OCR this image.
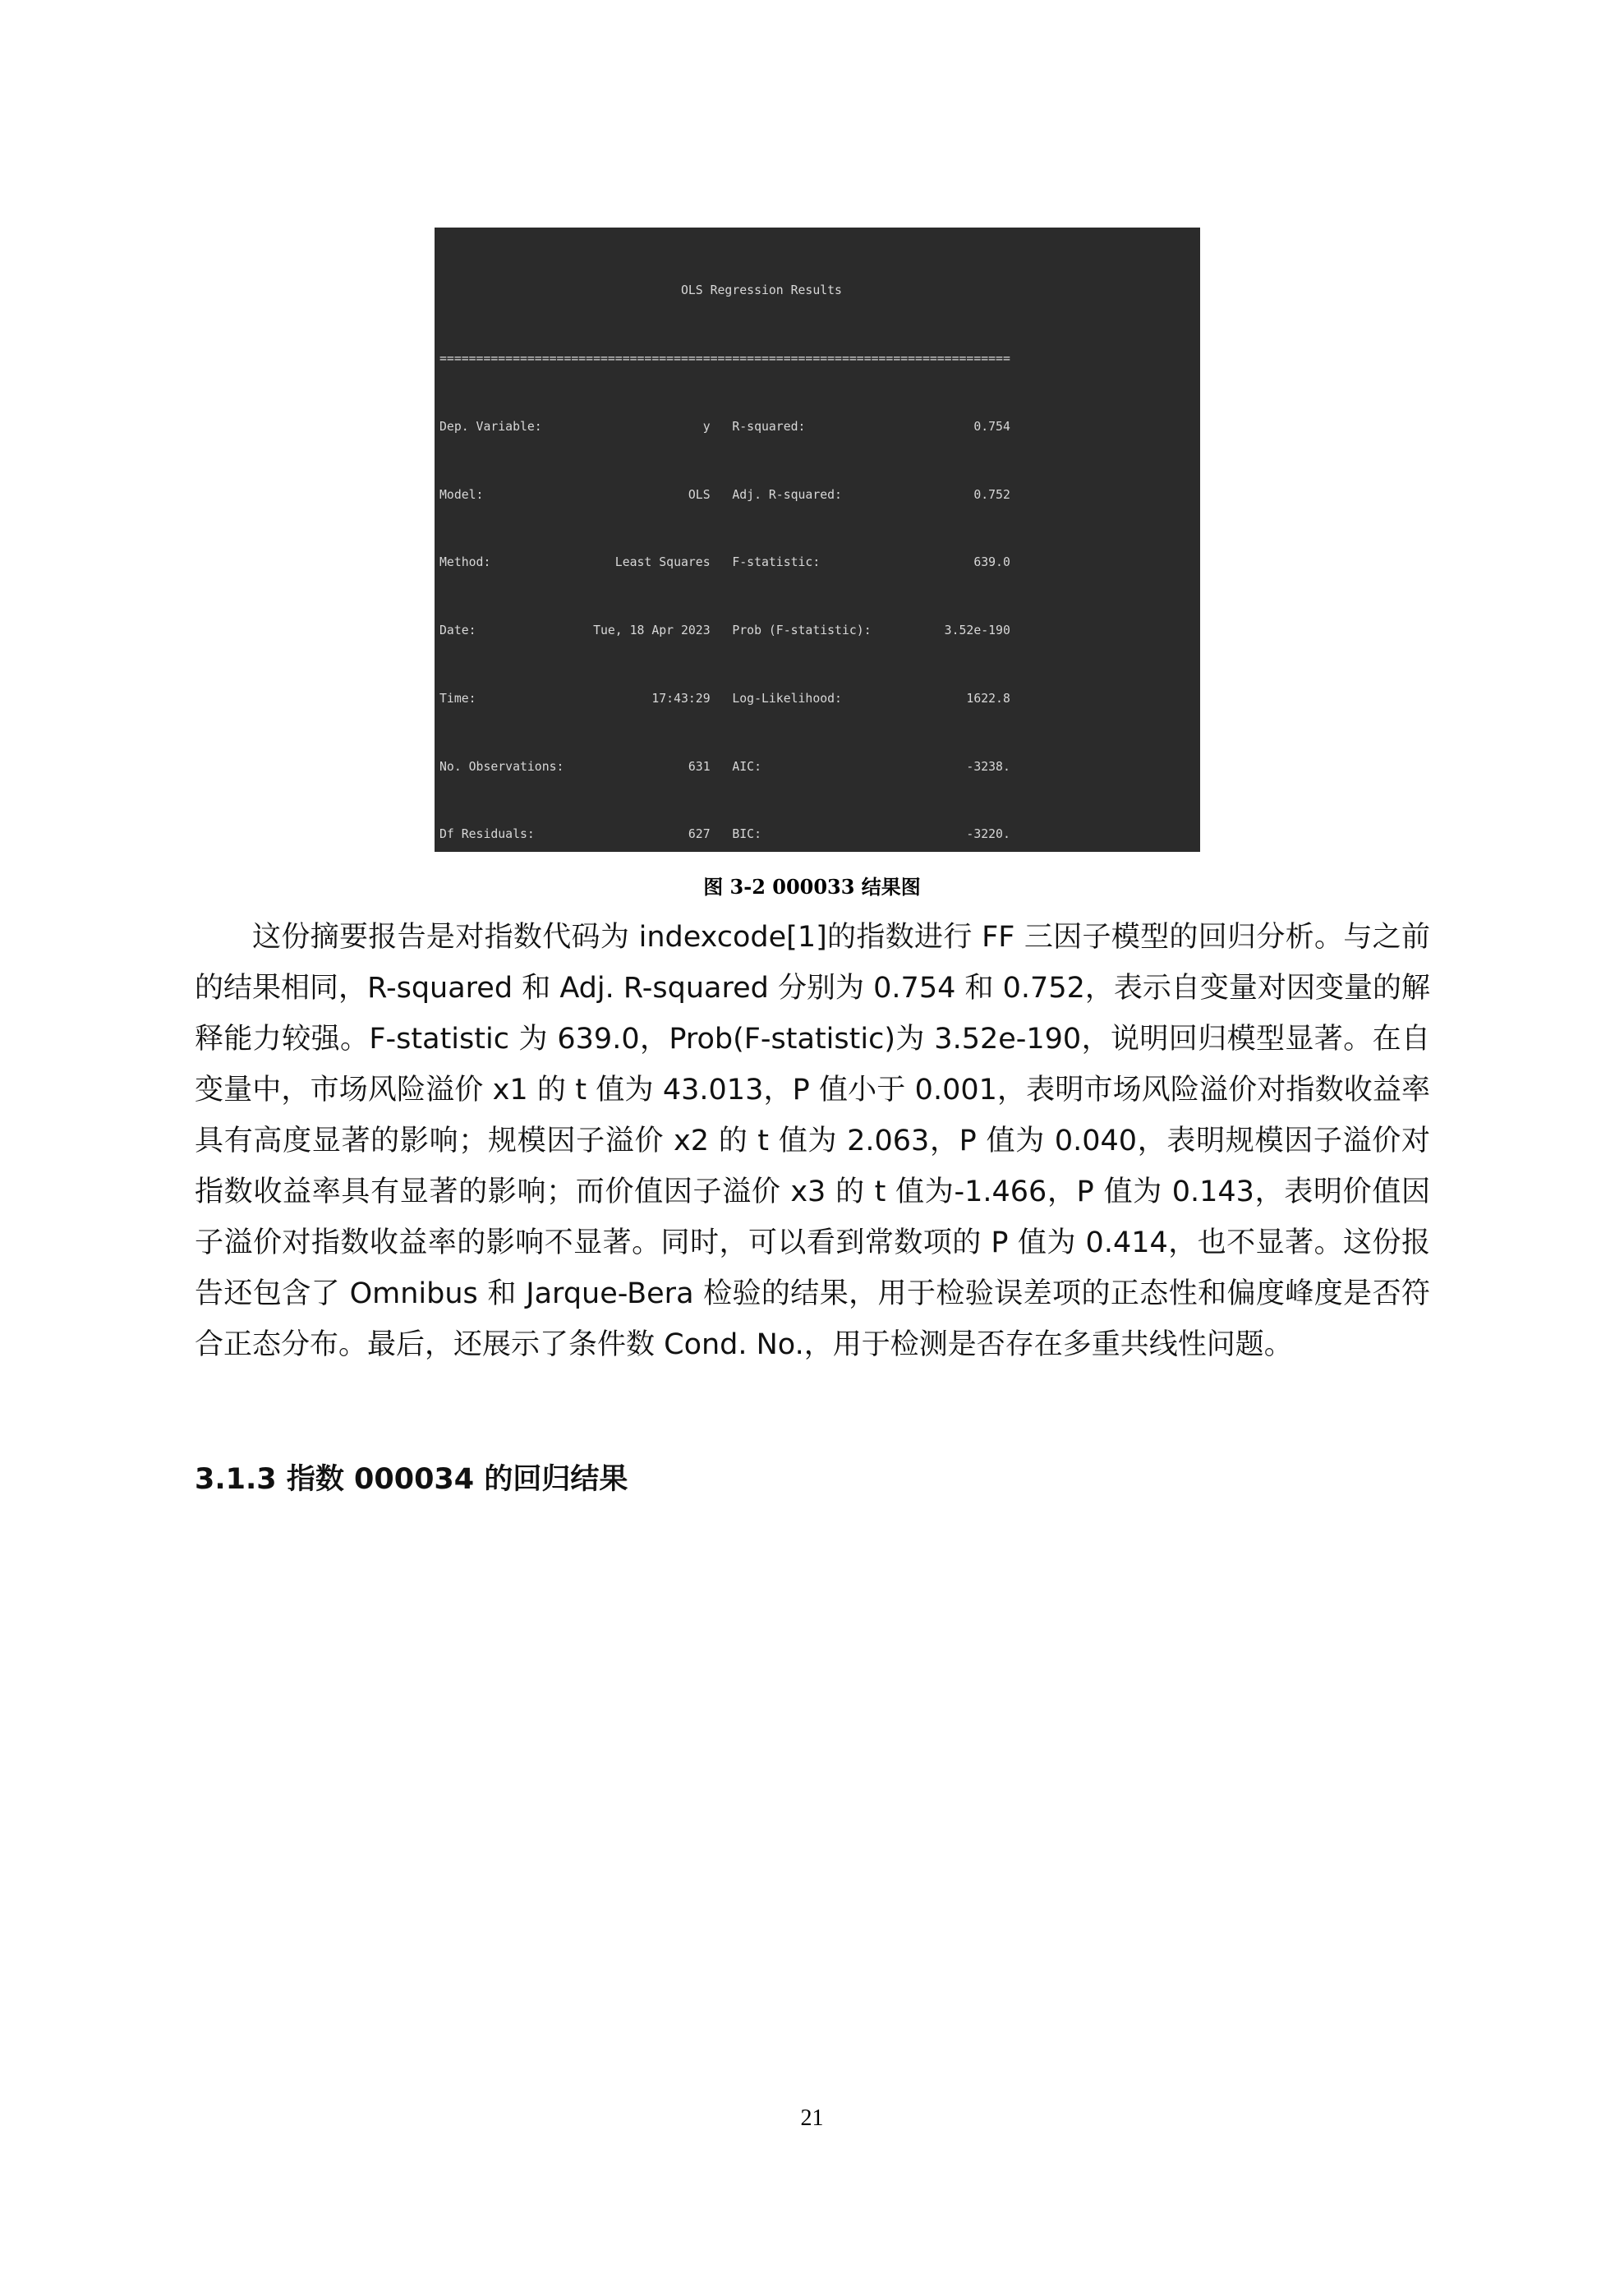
OLS Regression Results

==============================================================================

Dep. Variable:                      y   R-squared:                       0.754

Model:                            OLS   Adj. R-squared:                  0.752

Method:                 Least Squares   F-statistic:                     639.0

Date:                Tue, 18 Apr 2023   Prob (F-statistic):          3.52e-190

Time:                        17:43:29   Log-Likelihood:                 1622.8

No. Observations:                 631   AIC:                            -3238.

Df Residuals:                     627   BIC:                            -3220.

图 3-2 000033 结果图

这份摘要报告是对指数代码为 indexcode[1]的指数进行 FF 三因子模型的回归分析。与之前的结果相同，R-squared 和 Adj. R-squared 分别为 0.754 和 0.752，表示自变量对因变量的解释能力较强。F-statistic 为 639.0，Prob(F-statistic)为 3.52e-190，说明回归模型显著。在自变量中，市场风险溢价 x1 的 t 值为 43.013，P 值小于 0.001，表明市场风险溢价对指数收益率具有高度显著的影响；规模因子溢价 x2 的 t 值为 2.063，P 值为 0.040，表明规模因子溢价对指数收益率具有显著的影响；而价值因子溢价 x3 的 t 值为-1.466，P 值为 0.143，表明价值因子溢价对指数收益率的影响不显著。同时，可以看到常数项的 P 值为 0.414，也不显著。这份报告还包含了 Omnibus 和 Jarque-Bera 检验的结果，用于检验误差项的正态性和偏度峰度是否符合正态分布。最后，还展示了条件数 Cond. No.，用于检测是否存在多重共线性问题。

3.1.3 指数 000034 的回归结果

21
